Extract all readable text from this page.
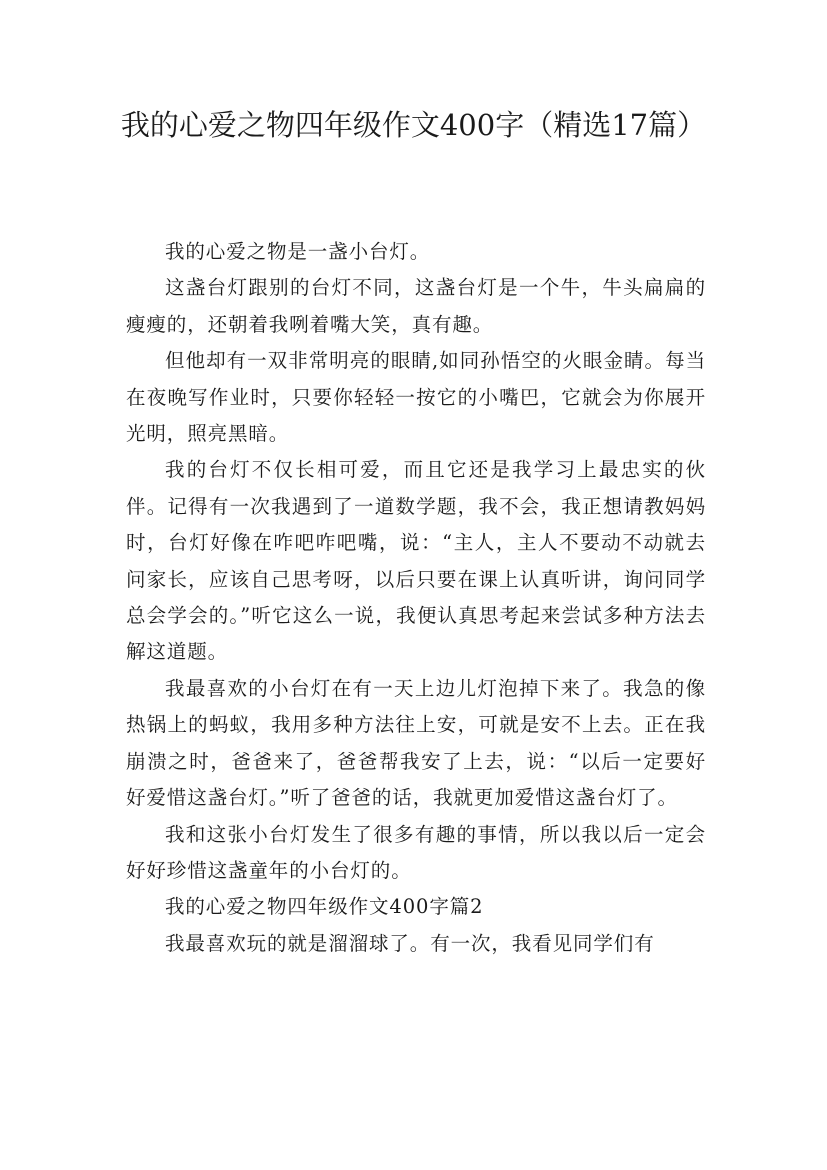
我的心爱之物四年级作文400字（精选17篇）

我的心爱之物是一盏小台灯。

这盏台灯跟别的台灯不同，这盏台灯是一个牛，牛头扁扁的瘦瘦的，还朝着我咧着嘴大笑，真有趣。

但他却有一双非常明亮的眼睛,如同孙悟空的火眼金睛。每当在夜晚写作业时，只要你轻轻一按它的小嘴巴，它就会为你展开光明，照亮黑暗。

我的台灯不仅长相可爱，而且它还是我学习上最忠实的伙伴。记得有一次我遇到了一道数学题，我不会，我正想请教妈妈时，台灯好像在咋吧咋吧嘴，说：“主人，主人不要动不动就去问家长，应该自己思考呀，以后只要在课上认真听讲，询问同学总会学会的。”听它这么一说，我便认真思考起来尝试多种方法去解这道题。

我最喜欢的小台灯在有一天上边儿灯泡掉下来了。我急的像热锅上的蚂蚁，我用多种方法往上安，可就是安不上去。正在我崩溃之时，爸爸来了，爸爸帮我安了上去，说：“以后一定要好好爱惜这盏台灯。”听了爸爸的话，我就更加爱惜这盏台灯了。

我和这张小台灯发生了很多有趣的事情，所以我以后一定会好好珍惜这盏童年的小台灯的。

我的心爱之物四年级作文400字篇2

我最喜欢玩的就是溜溜球了。有一次，我看见同学们有
